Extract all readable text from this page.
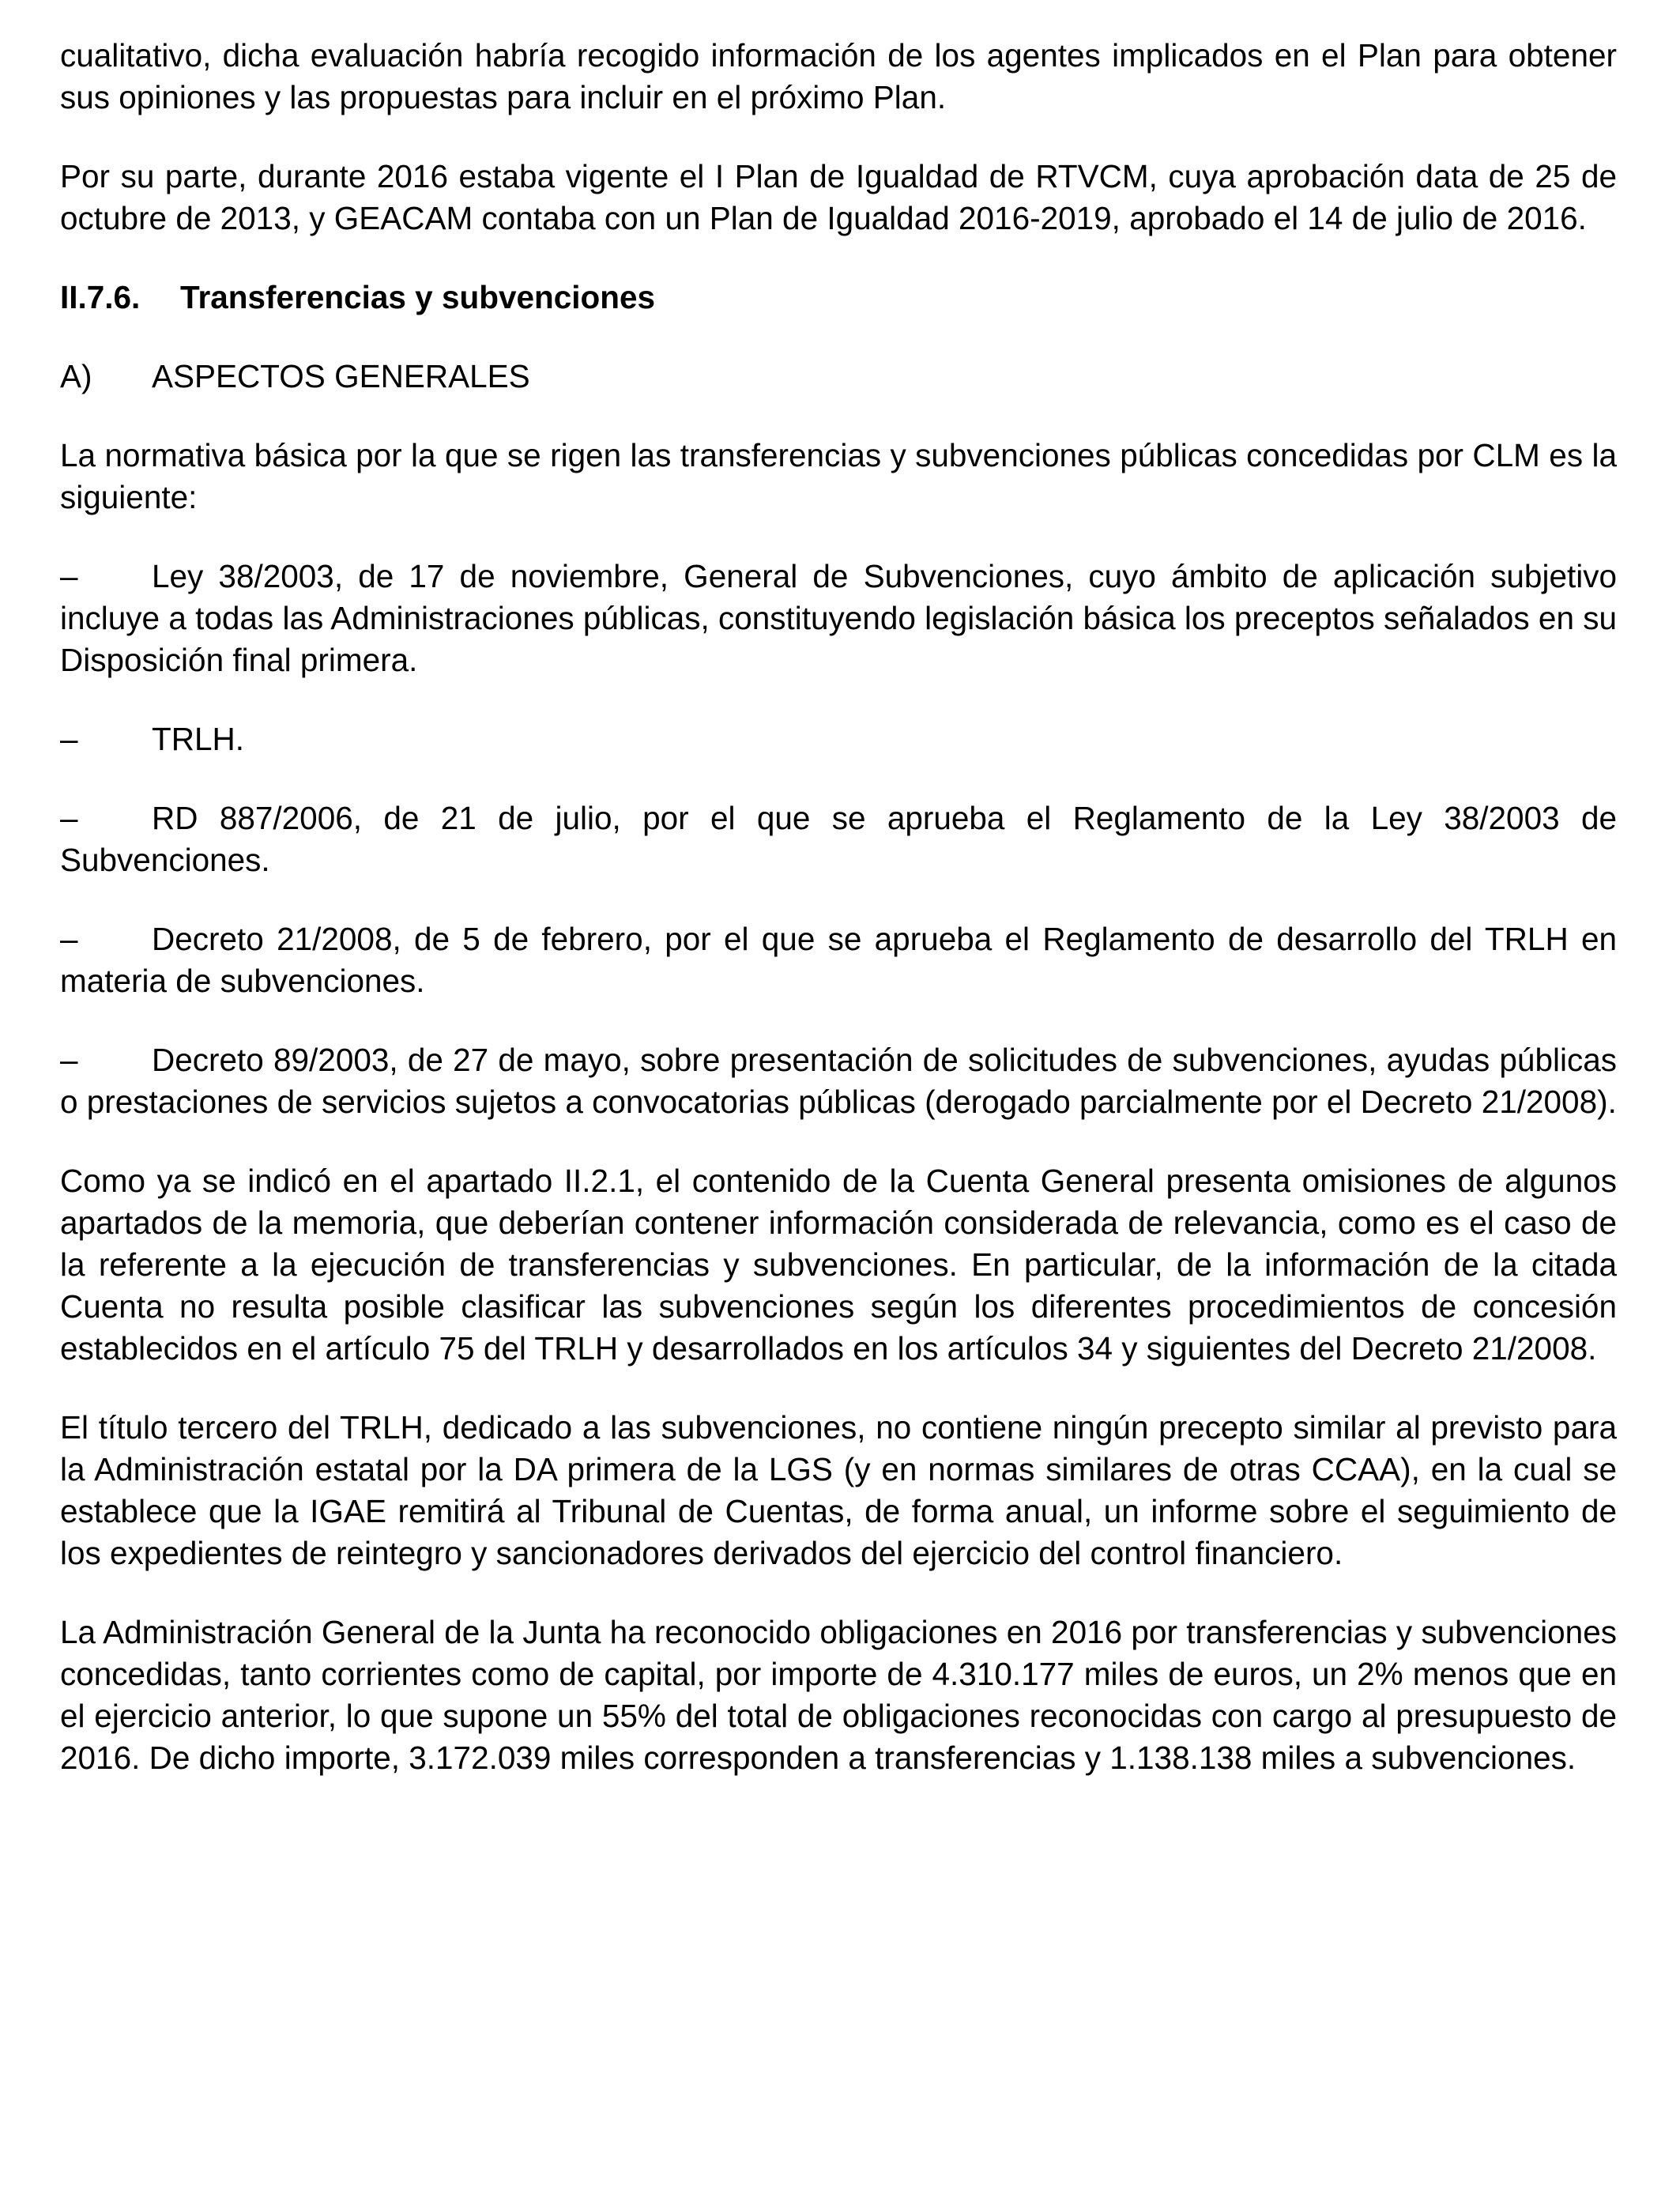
cualitativo, dicha evaluación habría recogido información de los agentes implicados en el Plan para obtener sus opiniones y las propuestas para incluir en el próximo Plan.

Por su parte, durante 2016 estaba vigente el I Plan de Igualdad de RTVCM, cuya aprobación data de 25 de octubre de 2013, y GEACAM contaba con un Plan de Igualdad 2016-2019, aprobado el 14 de julio de 2016.

II.7.6. Transferencias y subvenciones

A) ASPECTOS GENERALES

La normativa básica por la que se rigen las transferencias y subvenciones públicas concedidas por CLM es la siguiente:

– Ley 38/2003, de 17 de noviembre, General de Subvenciones, cuyo ámbito de aplicación subjetivo incluye a todas las Administraciones públicas, constituyendo legislación básica los preceptos señalados en su Disposición final primera.

– TRLH.

– RD 887/2006, de 21 de julio, por el que se aprueba el Reglamento de la Ley 38/2003 de Subvenciones.

– Decreto 21/2008, de 5 de febrero, por el que se aprueba el Reglamento de desarrollo del TRLH en materia de subvenciones.

– Decreto 89/2003, de 27 de mayo, sobre presentación de solicitudes de subvenciones, ayudas públicas o prestaciones de servicios sujetos a convocatorias públicas (derogado parcialmente por el Decreto 21/2008).

Como ya se indicó en el apartado II.2.1, el contenido de la Cuenta General presenta omisiones de algunos apartados de la memoria, que deberían contener información considerada de relevancia, como es el caso de la referente a la ejecución de transferencias y subvenciones. En particular, de la información de la citada Cuenta no resulta posible clasificar las subvenciones según los diferentes procedimientos de concesión establecidos en el artículo 75 del TRLH y desarrollados en los artículos 34 y siguientes del Decreto 21/2008.

El título tercero del TRLH, dedicado a las subvenciones, no contiene ningún precepto similar al previsto para la Administración estatal por la DA primera de la LGS (y en normas similares de otras CCAA), en la cual se establece que la IGAE remitirá al Tribunal de Cuentas, de forma anual, un informe sobre el seguimiento de los expedientes de reintegro y sancionadores derivados del ejercicio del control financiero.

La Administración General de la Junta ha reconocido obligaciones en 2016 por transferencias y subvenciones concedidas, tanto corrientes como de capital, por importe de 4.310.177 miles de euros, un 2% menos que en el ejercicio anterior, lo que supone un 55% del total de obligaciones reconocidas con cargo al presupuesto de 2016. De dicho importe, 3.172.039 miles corresponden a transferencias y 1.138.138 miles a subvenciones.
